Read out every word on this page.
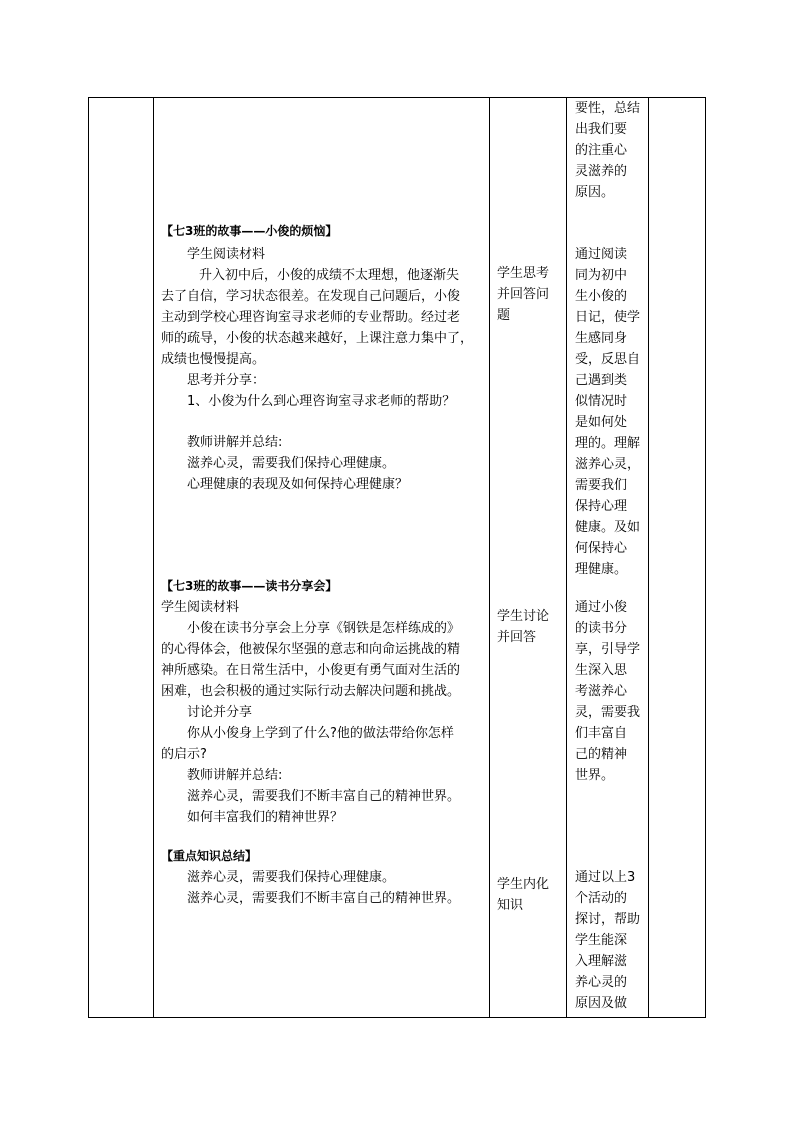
要性，总结
出我们要
的注重心
灵滋养的
原因。
【七3班的故事——小俊的烦恼】
学生阅读材料
升入初中后，小俊的成绩不太理想，他逐渐失
去了自信，学习状态很差。在发现自己问题后，小俊
主动到学校心理咨询室寻求老师的专业帮助。经过老
师的疏导，小俊的状态越来越好，上课注意力集中了，
成绩也慢慢提高。
思考并分享：
1、小俊为什么到心理咨询室寻求老师的帮助？
教师讲解并总结:
滋养心灵，需要我们保持心理健康。
心理健康的表现及如何保持心理健康？
学生思考
并回答问
题
通过阅读
同为初中
生小俊的
日记，使学
生感同身
受，反思自
己遇到类
似情况时
是如何处
理的。理解
滋养心灵，
需要我们
保持心理
健康。及如
何保持心
理健康。
【七3班的故事——读书分享会】
学生阅读材料
小俊在读书分享会上分享《钢铁是怎样练成的》
的心得体会，他被保尔坚强的意志和向命运挑战的精
神所感染。在日常生活中，小俊更有勇气面对生活的
困难，也会积极的通过实际行动去解决问题和挑战。
讨论并分享
你从小俊身上学到了什么?他的做法带给你怎样
的启示?
教师讲解并总结:
滋养心灵，需要我们不断丰富自己的精神世界。
如何丰富我们的精神世界？
学生讨论
并回答
通过小俊
的读书分
享，引导学
生深入思
考滋养心
灵，需要我
们丰富自
己的精神
世界。
【重点知识总结】
滋养心灵，需要我们保持心理健康。
滋养心灵，需要我们不断丰富自己的精神世界。
学生内化
知识
通过以上3
个活动的
探讨，帮助
学生能深
入理解滋
养心灵的
原因及做
